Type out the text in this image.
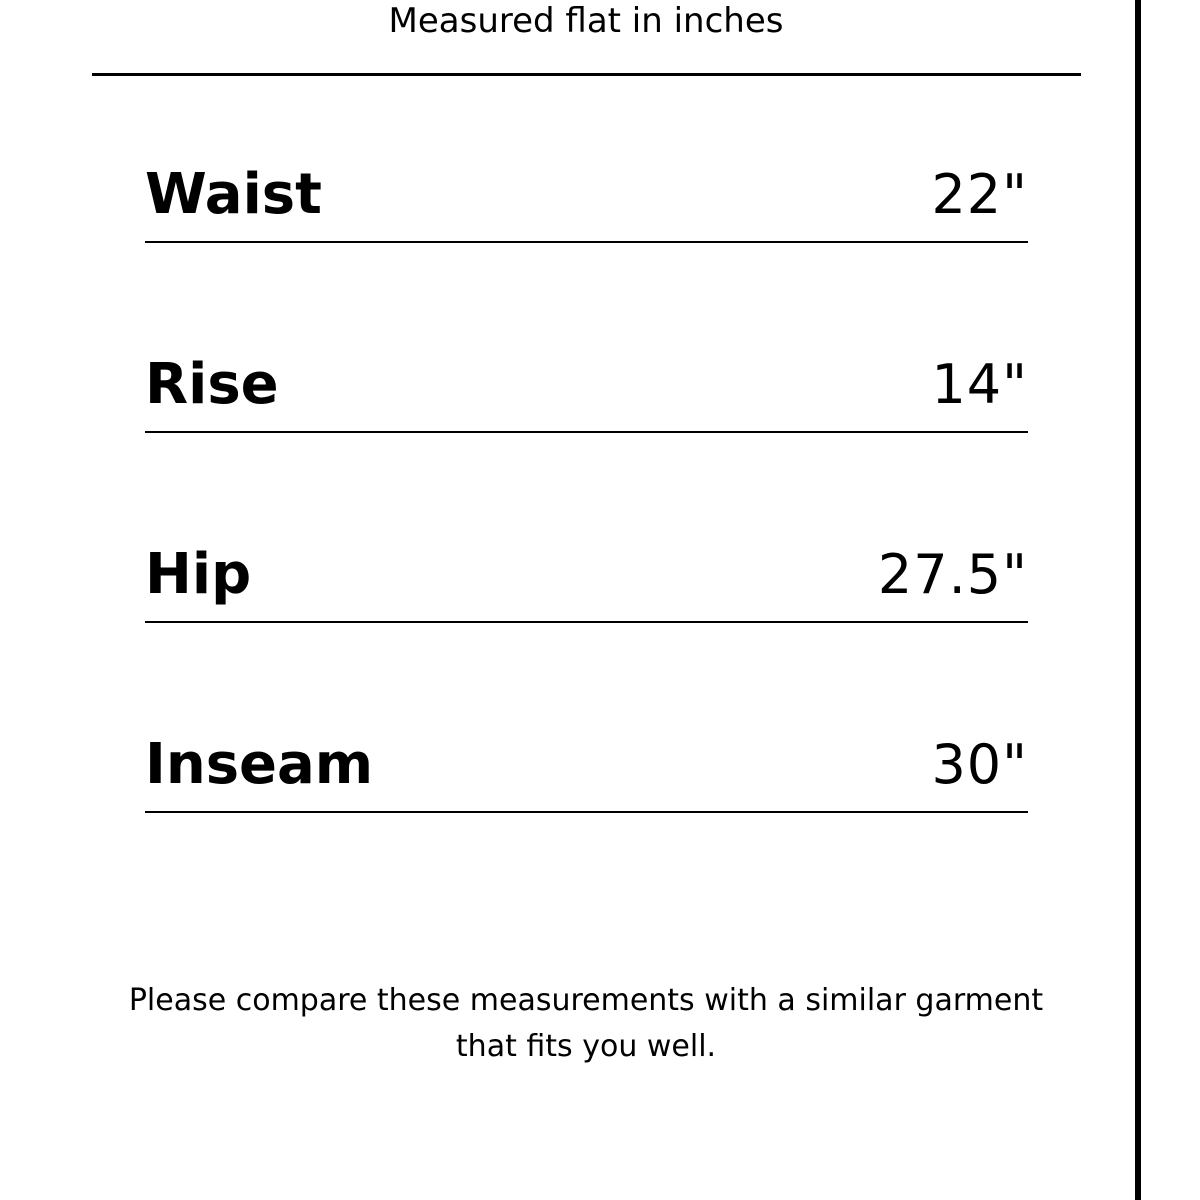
Measured flat in inches
Waist	22"
Rise	14"
Hip	27.5"
Inseam	30"
Please compare these measurements with a similar garment
that fits you well.
